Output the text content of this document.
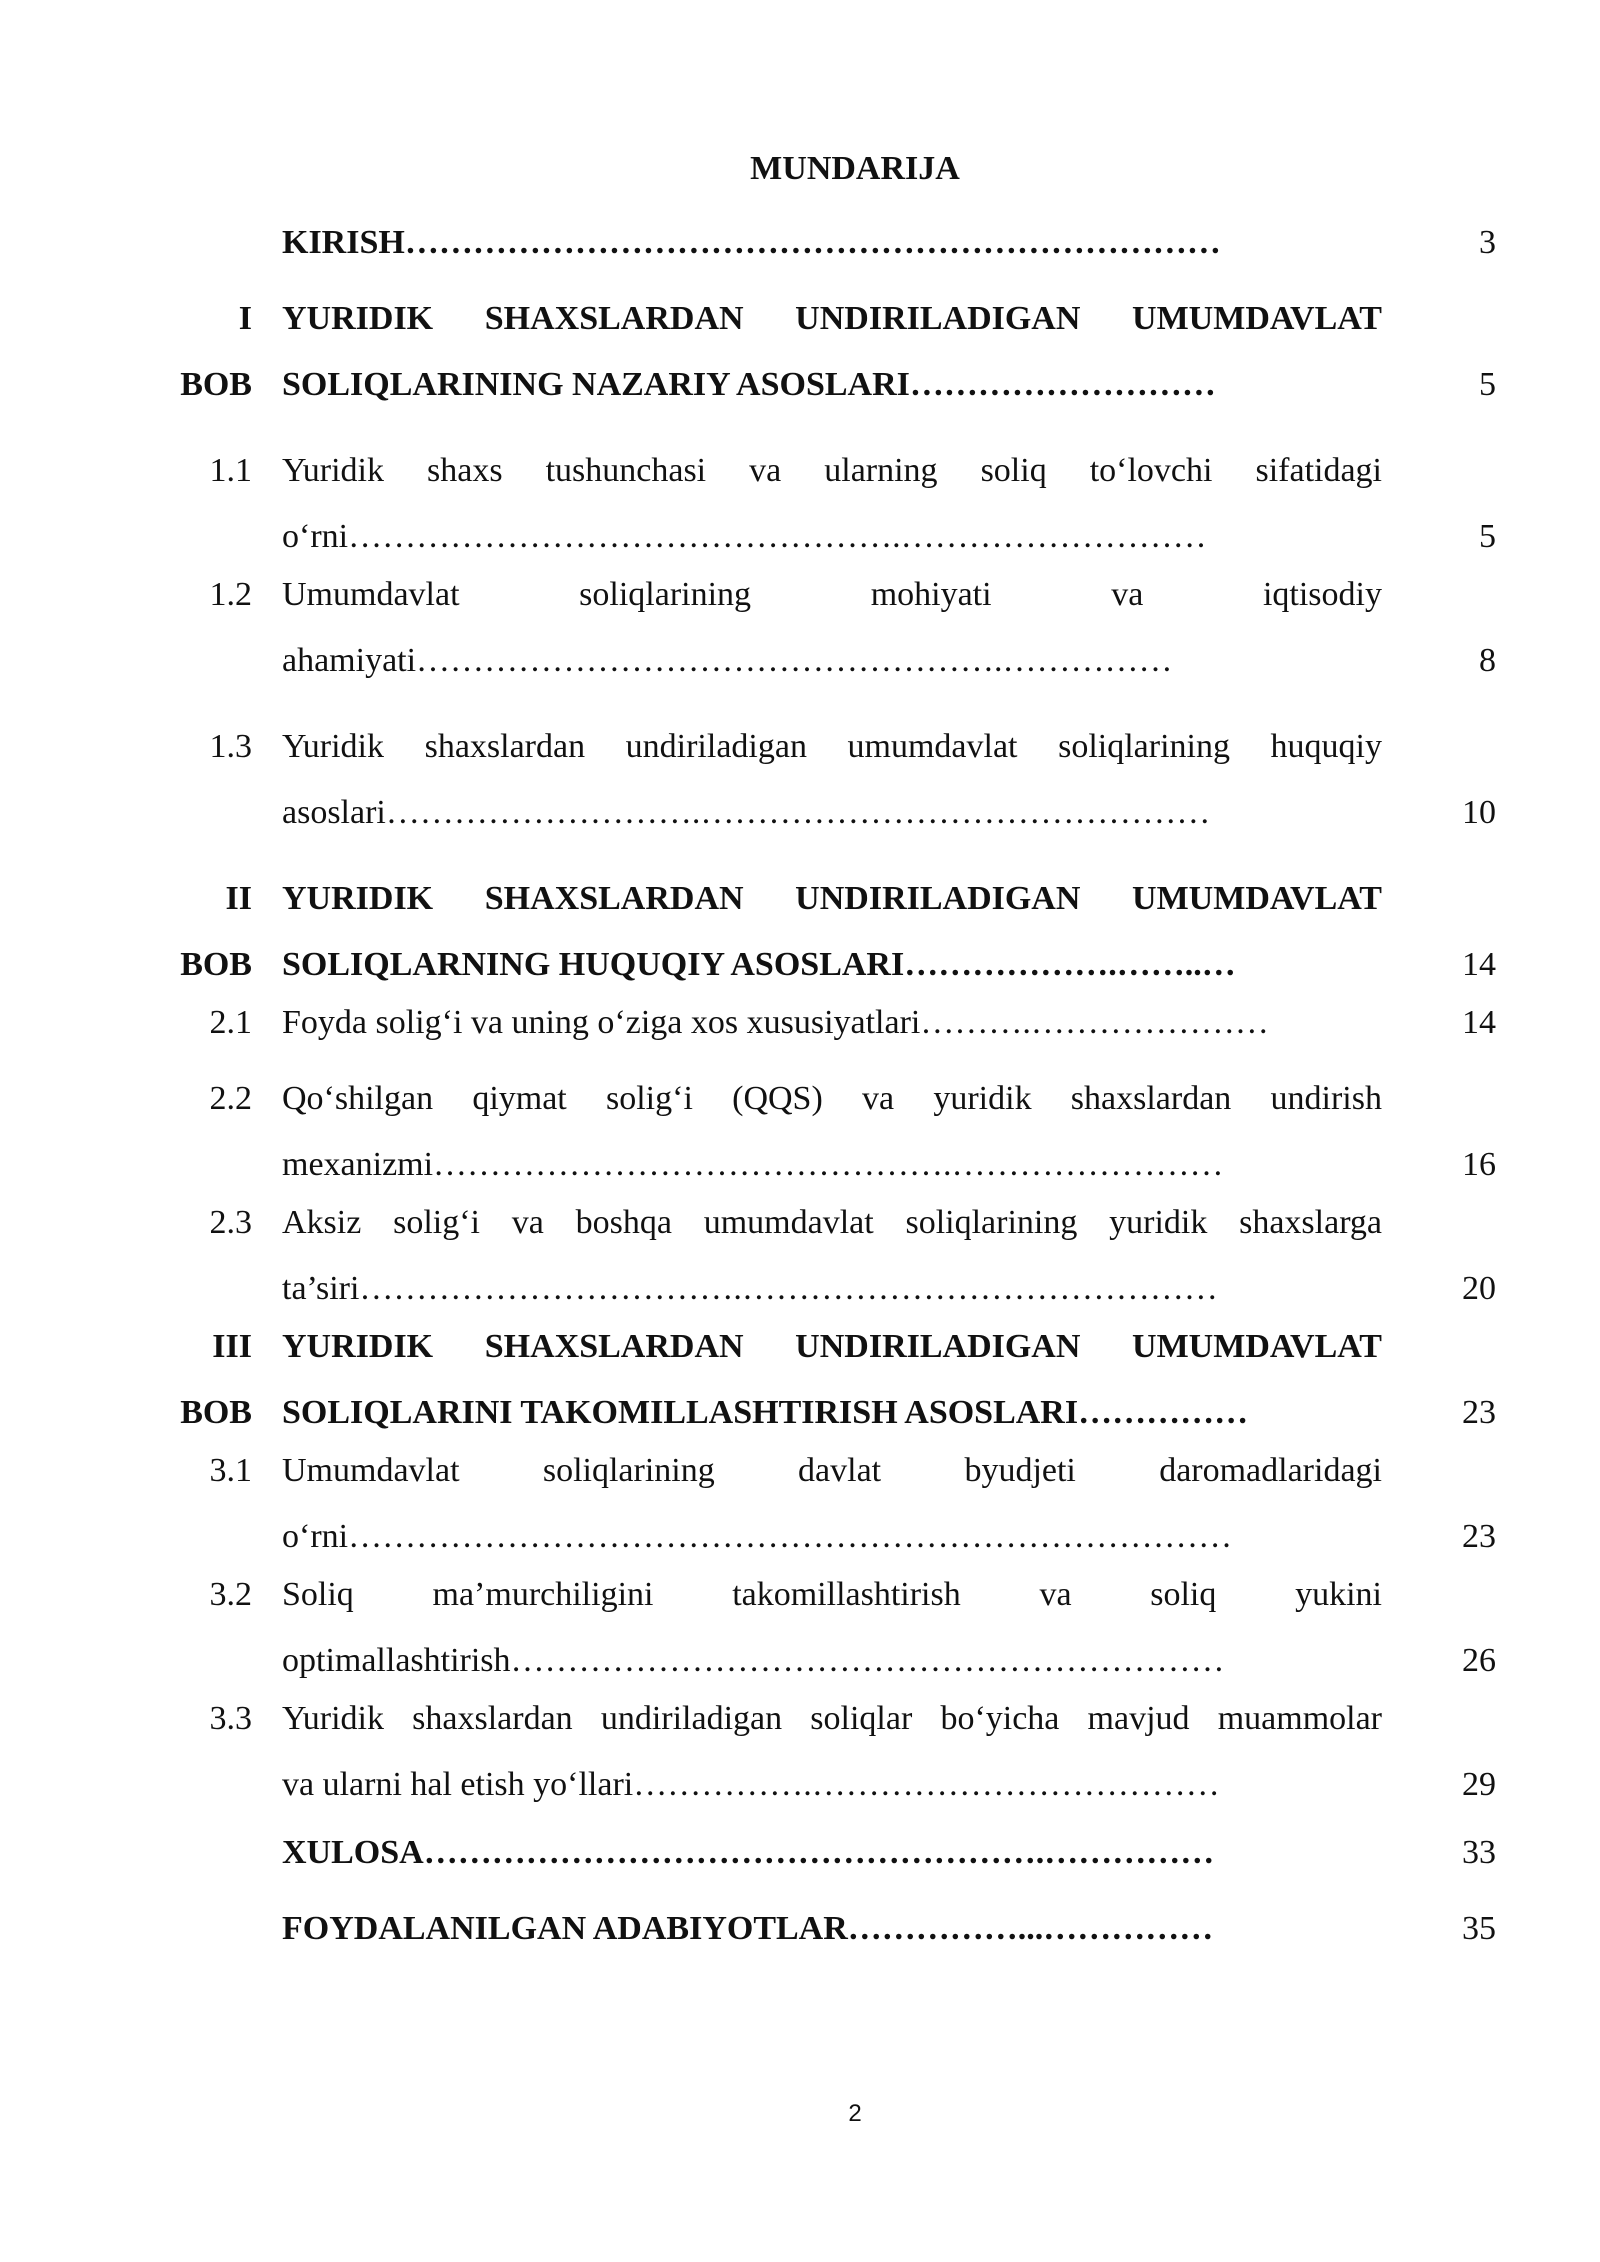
MUNDARIJA
KIRISH………………………………………………………………	3
I
BOB
YURIDIK SHAXSLARDAN UNDIRILADIGAN UMUMDAVLAT
SOLIQLARINING NAZARIY ASOSLARI………………………	5
1.1 Yuridik shaxs tushunchasi va ularning soliq to‘lovchi sifatidagi
o‘rni………………………………………….………………………	5
1.2 Umumdavlat soliqlarining mohiyati va iqtisodiy
ahamiyati…………………………………………….……………	8
1.3 Yuridik shaxslardan undiriladigan umumdavlat soliqlarining huquqiy
asoslari……………………….………………………………………	10
II
BOB
YURIDIK SHAXSLARDAN UNDIRILADIGAN UMUMDAVLAT
SOLIQLARNING HUQUQIY ASOSLARI……………….……..…	14
2.1 Foyda solig‘i va uning o‘ziga xos xususiyatlari……….…………………	14
2.2 Qo‘shilgan qiymat solig‘i (QQS) va yuridik shaxslardan undirish
mexanizmi……………………………………….……………………	16
2.3 Aksiz solig‘i va boshqa umumdavlat soliqlarining yuridik shaxslarga
ta’siri…………………………….……………………………………	20
III
BOB
YURIDIK SHAXSLARDAN UNDIRILADIGAN UMUMDAVLAT
SOLIQLARINI TAKOMILLASHTIRISH ASOSLARI……………	23
3.1 Umumdavlat soliqlarining davlat byudjeti daromadlaridagi
o‘rni……………………………………………………………………	23
3.2 Soliq ma’murchiligini takomillashtirish va soliq yukini
optimallashtirish………………………………………………………	26
3.3 Yuridik shaxslardan undiriladigan soliqlar bo‘yicha mavjud muammolar
va ularni hal etish yo‘llari…………….………………………………	29
XULOSA……………………………………………….……………	33
FOYDALANILGAN ADABIYOTLAR……………...……………	35
2
